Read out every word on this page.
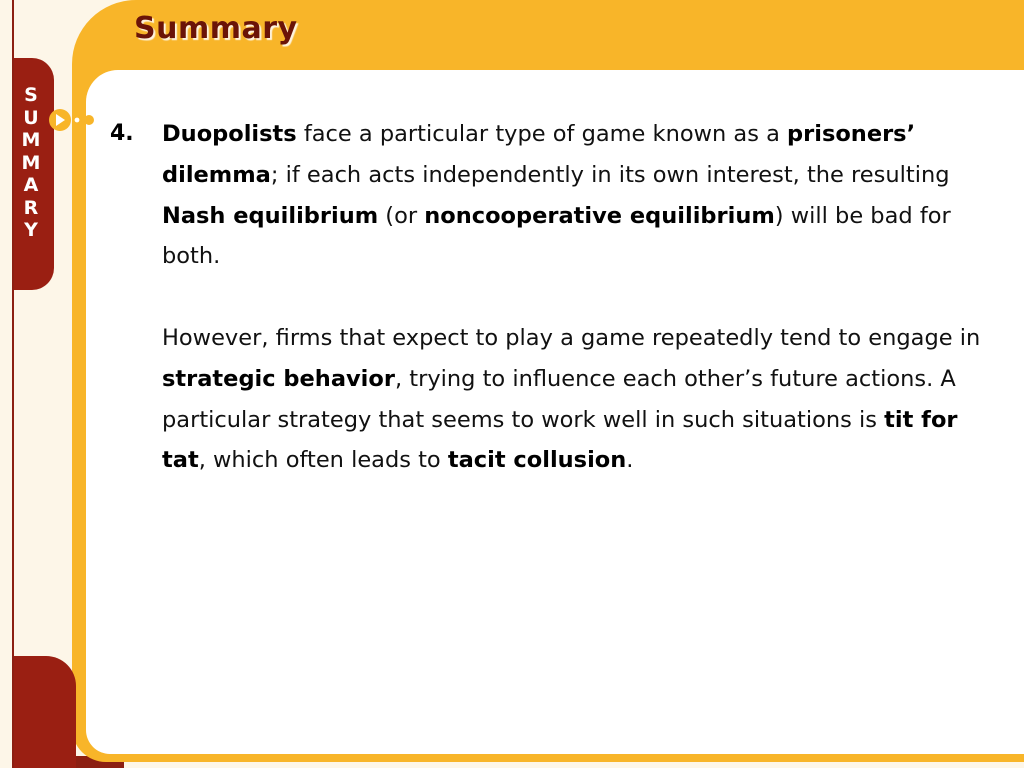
S
U
M
M
A
R
Y
Summary

4. Duopolists face a particular type of game known as a prisoners’ dilemma; if each acts independently in its own interest, the resulting Nash equilibrium (or noncooperative equilibrium) will be bad for both.

However, firms that expect to play a game repeatedly tend to engage in strategic behavior, trying to influence each other’s future actions. A particular strategy that seems to work well in such situations is tit for tat, which often leads to tacit collusion.
